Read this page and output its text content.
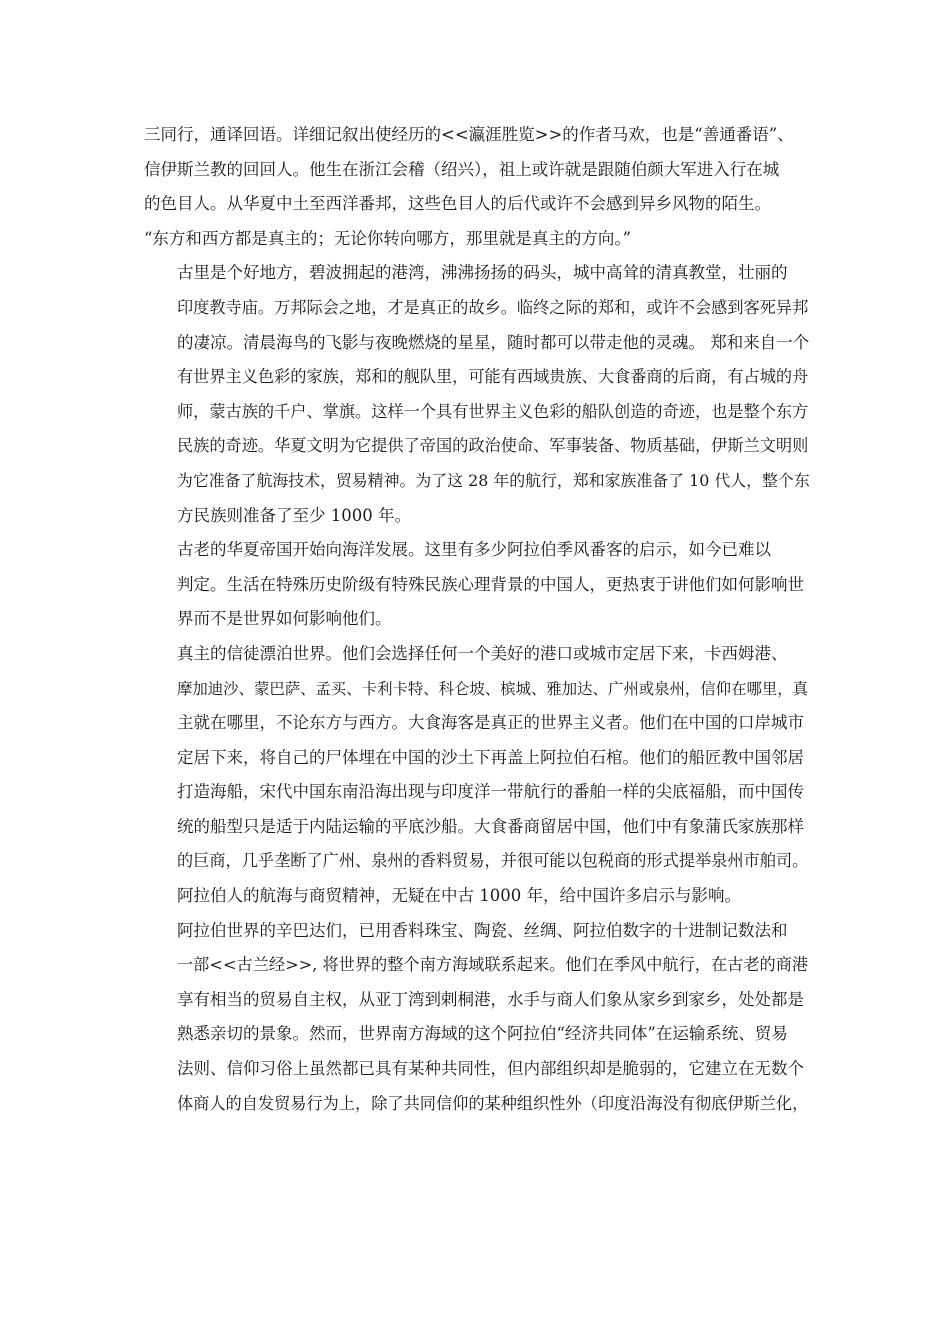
三同行，通译回语。详细记叙出使经历的<<瀛涯胜览>>的作者马欢，也是“善通番语”、
信伊斯兰教的回回人。他生在浙江会稽（绍兴），祖上或许就是跟随伯颜大军进入行在城
的色目人。从华夏中土至西洋番邦，这些色目人的后代或许不会感到异乡风物的陌生。
“东方和西方都是真主的；无论你转向哪方，那里就是真主的方向。”
古里是个好地方，碧波拥起的港湾，沸沸扬扬的码头，城中高耸的清真教堂，壮丽的
印度教寺庙。万邦际会之地，才是真正的故乡。临终之际的郑和，或许不会感到客死异邦
的凄凉。清晨海鸟的飞影与夜晚燃烧的星星，随时都可以带走他的灵魂。 郑和来自一个
有世界主义色彩的家族，郑和的舰队里，可能有西域贵族、大食番商的后商，有占城的舟
师，蒙古族的千户、掌旗。这样一个具有世界主义色彩的船队创造的奇迹，也是整个东方
民族的奇迹。华夏文明为它提供了帝国的政治使命、军事装备、物质基础，伊斯兰文明则
为它准备了航海技术，贸易精神。为了这 28 年的航行，郑和家族准备了 10 代人，整个东
方民族则准备了至少 1000 年。
古老的华夏帝国开始向海洋发展。这里有多少阿拉伯季风番客的启示，如今已难以
判定。生活在特殊历史阶级有特殊民族心理背景的中国人，更热衷于讲他们如何影响世
界而不是世界如何影响他们。
真主的信徒漂泊世界。他们会选择任何一个美好的港口或城市定居下来，卡西姆港、
摩加迪沙、蒙巴萨、孟买、卡利卡特、科仑坡、槟城、雅加达、广州或泉州，信仰在哪里，真
主就在哪里，不论东方与西方。大食海客是真正的世界主义者。他们在中国的口岸城市
定居下来，将自己的尸体埋在中国的沙土下再盖上阿拉伯石棺。他们的船匠教中国邻居
打造海船，宋代中国东南沿海出现与印度洋一带航行的番舶一样的尖底福船，而中国传
统的船型只是适于内陆运输的平底沙船。大食番商留居中国，他们中有象蒲氏家族那样
的巨商，几乎垄断了广州、泉州的香料贸易，并很可能以包税商的形式提举泉州市舶司。
阿拉伯人的航海与商贸精神，无疑在中古 1000 年，给中国许多启示与影响。
阿拉伯世界的辛巴达们，已用香料珠宝、陶瓷、丝绸、阿拉伯数字的十进制记数法和
一部<<古兰经>>, 将世界的整个南方海域联系起来。他们在季风中航行，在古老的商港
享有相当的贸易自主权，从亚丁湾到剌桐港，水手与商人们象从家乡到家乡，处处都是
熟悉亲切的景象。然而，世界南方海域的这个阿拉伯“经济共同体”在运输系统、贸易
法则、信仰习俗上虽然都已具有某种共同性，但内部组织却是脆弱的，它建立在无数个
体商人的自发贸易行为上，除了共同信仰的某种组织性外（印度沿海没有彻底伊斯兰化，
